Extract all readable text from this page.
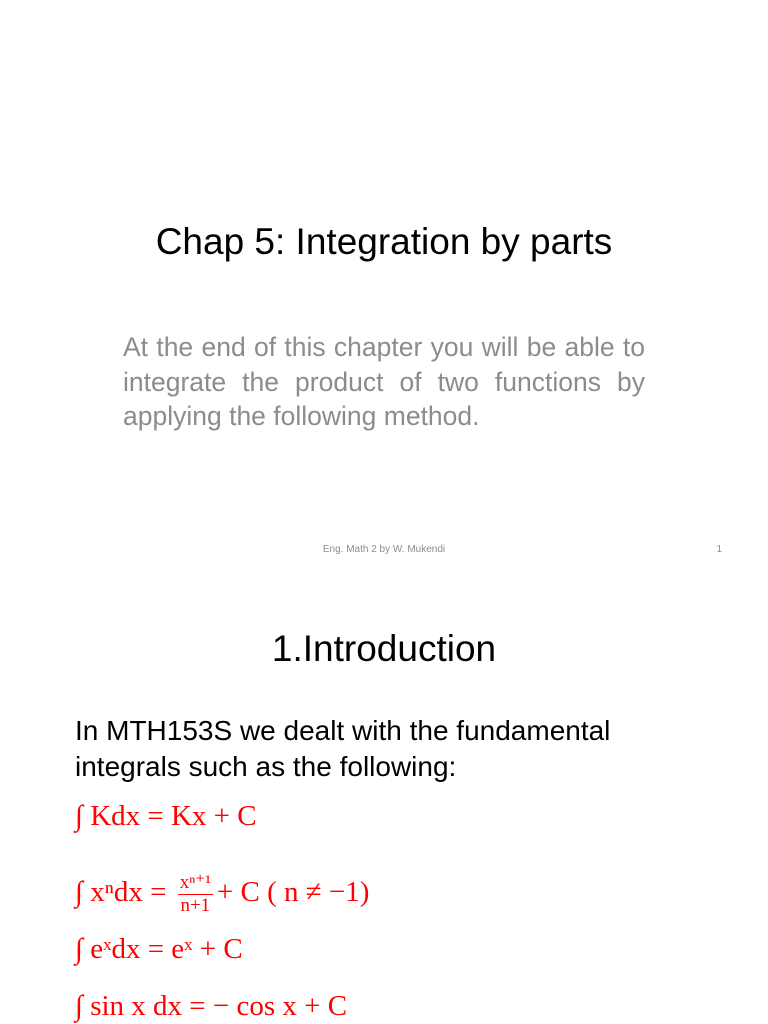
Chap 5: Integration by parts
At the end of this chapter you will be able to integrate the product of two functions by applying the following method.
Eng. Math 2 by W. Mukendi	1
1.Introduction
In MTH153S we dealt with the fundamental integrals such as the following:
∫ Kdx = Kx + C
∫ $x^ndx = \frac{\text{xⁿ⁺¹}}{n+1} + C$ ( n ≠ −1)
∫ eˣdx = eˣ + C
∫ sin x dx = − cos x + C
